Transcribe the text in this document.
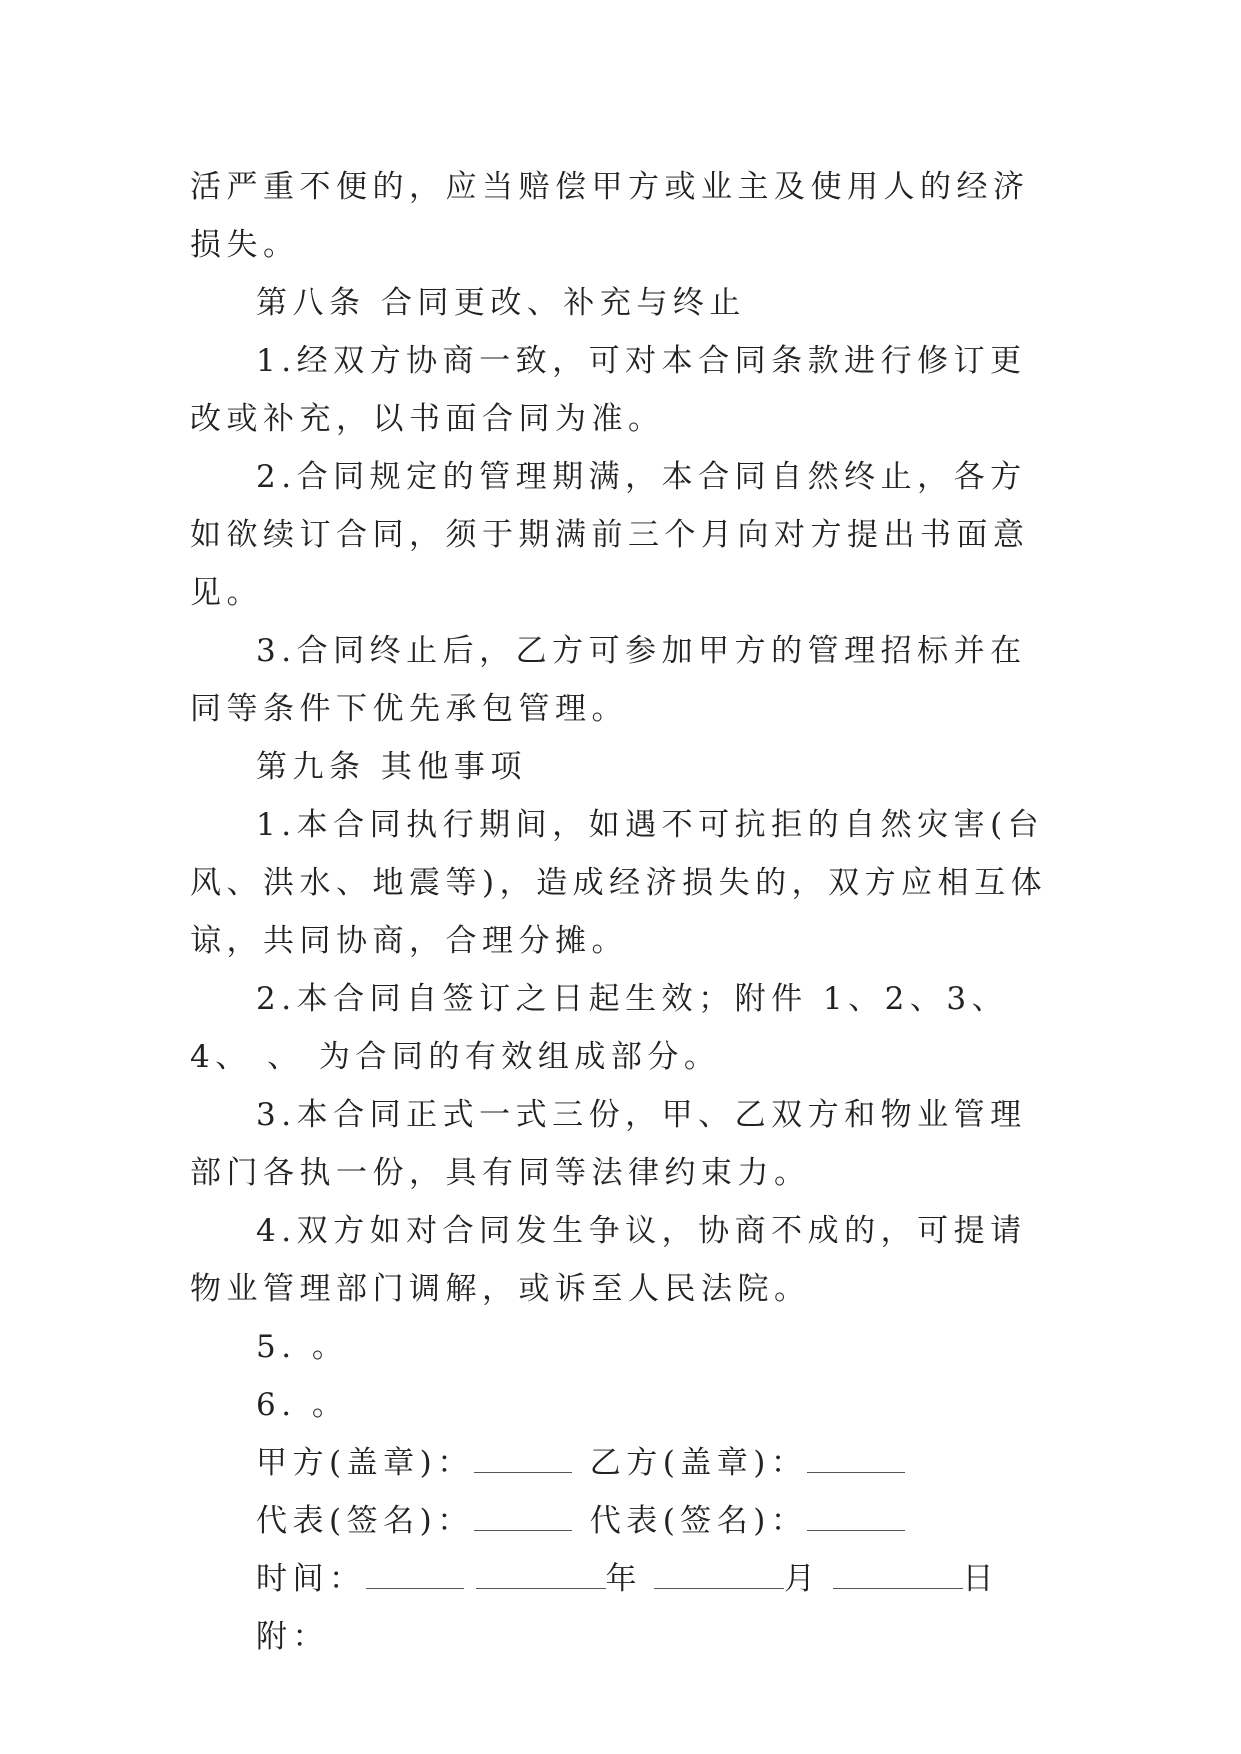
活严重不便的，应当赔偿甲方或业主及使用人的经济损失。

第八条 合同更改、补充与终止

1.经双方协商一致，可对本合同条款进行修订更改或补充，以书面合同为准。

2.合同规定的管理期满，本合同自然终止，各方如欲续订合同，须于期满前三个月向对方提出书面意见。

3.合同终止后，乙方可参加甲方的管理招标并在同等条件下优先承包管理。

第九条 其他事项

1.本合同执行期间，如遇不可抗拒的自然灾害(台风、洪水、地震等)，造成经济损失的，双方应相互体谅，共同协商，合理分摊。

2.本合同自签订之日起生效；附件 1、2、3、4、 、 为合同的有效组成部分。

3.本合同正式一式三份，甲、乙双方和物业管理部门各执一份，具有同等法律约束力。

4.双方如对合同发生争议，协商不成的，可提请物业管理部门调解，或诉至人民法院。

5. 。

6. 。

甲方(盖章)：	乙方(盖章)：

代表(签名)：	代表(签名)：

时间：	年	月	日

附：
